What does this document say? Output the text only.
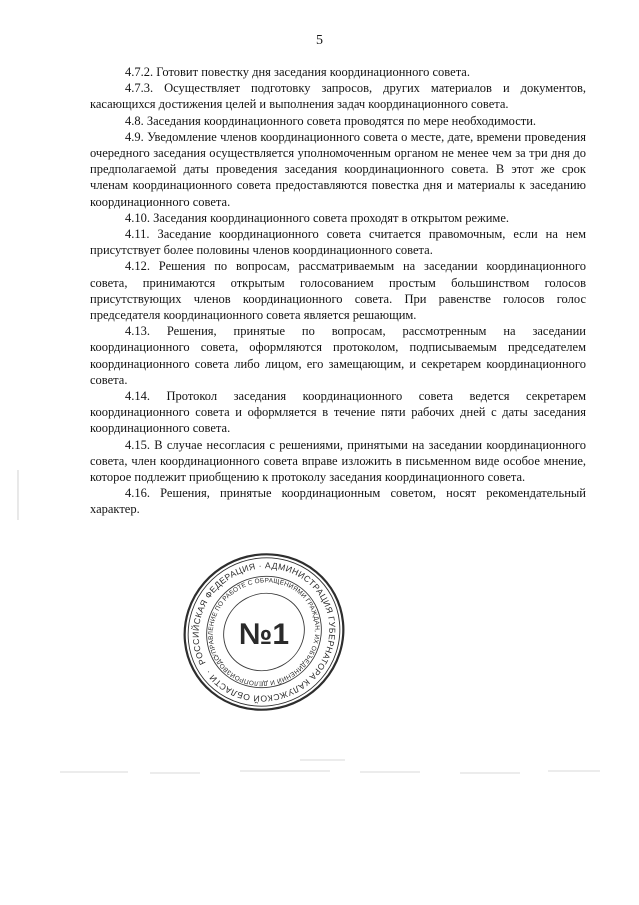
5

4.7.2. Готовит повестку дня заседания координационного совета.

4.7.3. Осуществляет подготовку запросов, других материалов и документов, касающихся достижения целей и выполнения задач координационного совета.

4.8. Заседания координационного совета проводятся по мере необходимости.

4.9. Уведомление членов координационного совета о месте, дате, времени проведения очередного заседания осуществляется уполномоченным органом не менее чем за три дня до предполагаемой даты проведения заседания координационного совета. В этот же срок членам координационного совета предоставляются повестка дня и материалы к заседанию координационного совета.

4.10. Заседания координационного совета проходят в открытом режиме.

4.11. Заседание координационного совета считается правомочным, если на нем присутствует более половины членов координационного совета.

4.12. Решения по вопросам, рассматриваемым на заседании координационного совета, принимаются открытым голосованием простым большинством голосов присутствующих членов координационного совета. При равенстве голосов голос председателя координационного совета является решающим.

4.13. Решения, принятые по вопросам, рассмотренным на заседании координационного совета, оформляются протоколом, подписываемым председателем координационного совета либо лицом, его замещающим, и секретарем координационного совета.

4.14. Протокол заседания координационного совета ведется секретарем координационного совета и оформляется в течение пяти рабочих дней с даты заседания координационного совета.

4.15. В случае несогласия с решениями, принятыми на заседании координационного совета, член координационного совета вправе изложить в письменном виде особое мнение, которое подлежит приобщению к протоколу заседания координационного совета.

4.16. Решения, принятые координационным советом, носят рекомендательный характер.

РОССИЙСКАЯ ФЕДЕРАЦИЯ · АДМИНИСТРАЦИЯ ГУБЕРНАТОРА КАЛУЖСКОЙ ОБЛАСТИ ·
УПРАВЛЕНИЕ ПО РАБОТЕ С ОБРАЩЕНИЯМИ ГРАЖДАН, ИХ ОБЪЕДИНЕНИЙ И ДЕЛОПРОИЗВОДСТВУ
№1
